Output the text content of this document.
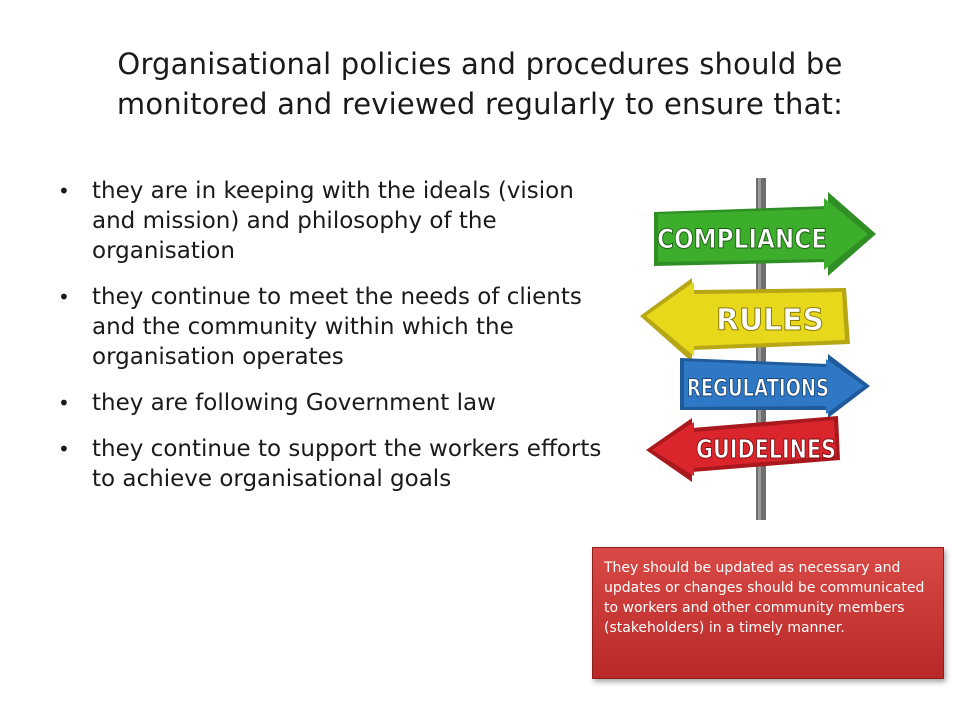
Organisational policies and procedures should be monitored and reviewed regularly to ensure that:
• they are in keeping with the ideals (vision and mission) and philosophy of the organisation
• they continue to meet the needs of clients and the community within which the organisation operates
• they are following Government law
• they continue to support the workers efforts to achieve organisational goals
COMPLIANCE
RULES
REGULATIONS
GUIDELINES
They should be updated as necessary and updates or changes should be communicated to workers and other community members (stakeholders) in a timely manner.
